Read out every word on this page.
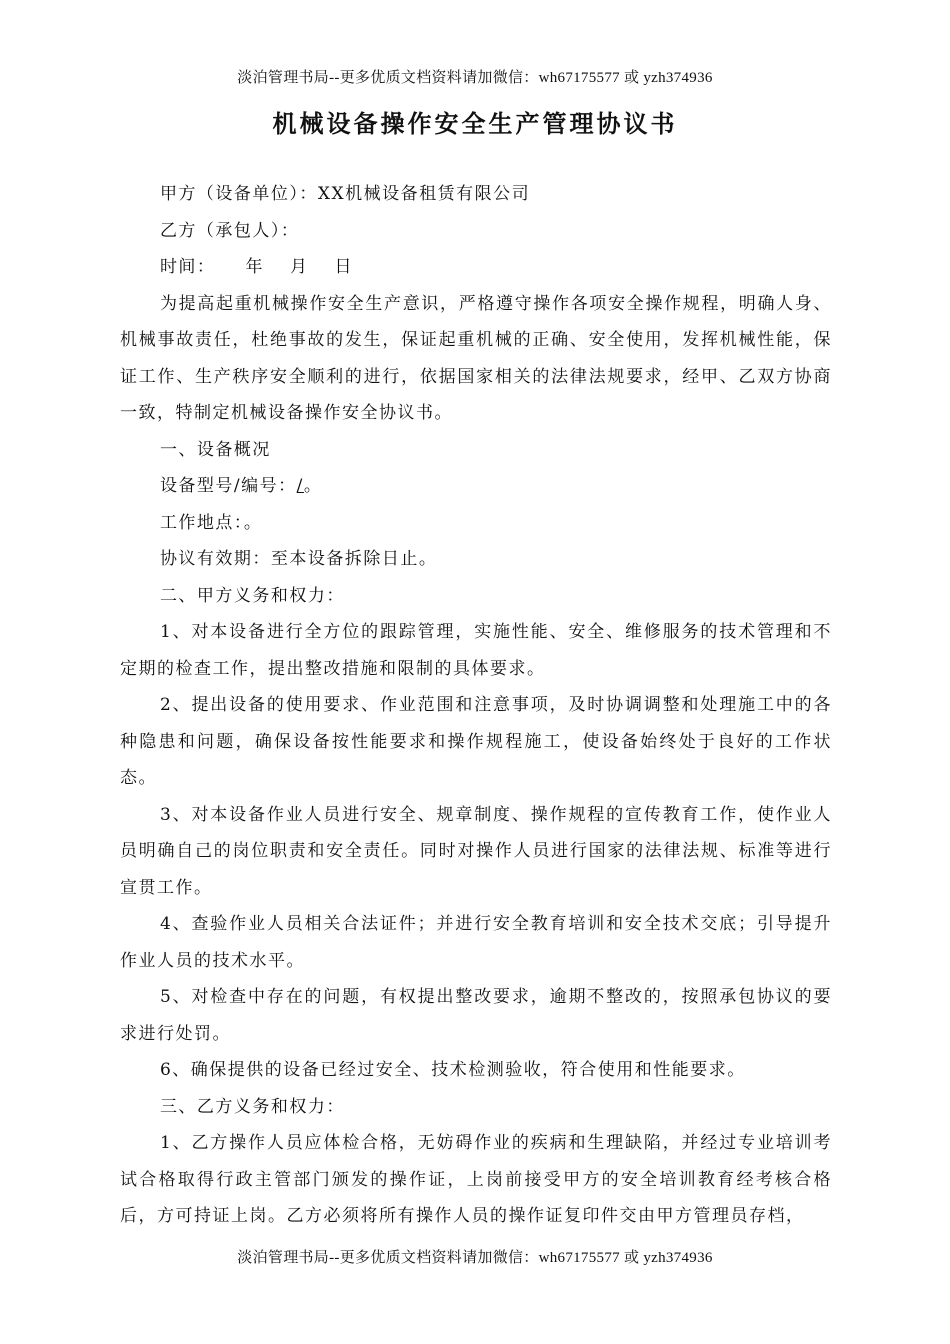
淡泊管理书局--更多优质文档资料请加微信：wh67175577 或 yzh374936
机械设备操作安全生产管理协议书

甲方（设备单位）：XX机械设备租赁有限公司

乙方（承包人）：

时间： 年 月 日

为提高起重机械操作安全生产意识，严格遵守操作各项安全操作规程，明确人身、机械事故责任，杜绝事故的发生，保证起重机械的正确、安全使用，发挥机械性能，保证工作、生产秩序安全顺利的进行，依据国家相关的法律法规要求，经甲、乙双方协商一致，特制定机械设备操作安全协议书。

一、设备概况

设备型号/编号：/。

工作地点：。

协议有效期：至本设备拆除日止。

二、甲方义务和权力：

1、对本设备进行全方位的跟踪管理，实施性能、安全、维修服务的技术管理和不定期的检查工作，提出整改措施和限制的具体要求。

2、提出设备的使用要求、作业范围和注意事项，及时协调调整和处理施工中的各种隐患和问题，确保设备按性能要求和操作规程施工，使设备始终处于良好的工作状态。

3、对本设备作业人员进行安全、规章制度、操作规程的宣传教育工作，使作业人员明确自己的岗位职责和安全责任。同时对操作人员进行国家的法律法规、标准等进行宣贯工作。

4、查验作业人员相关合法证件；并进行安全教育培训和安全技术交底；引导提升作业人员的技术水平。

5、对检查中存在的问题，有权提出整改要求，逾期不整改的，按照承包协议的要求进行处罚。

6、确保提供的设备已经过安全、技术检测验收，符合使用和性能要求。

三、乙方义务和权力：

1、乙方操作人员应体检合格，无妨碍作业的疾病和生理缺陷，并经过专业培训考试合格取得行政主管部门颁发的操作证，上岗前接受甲方的安全培训教育经考核合格后，方可持证上岗。乙方必须将所有操作人员的操作证复印件交由甲方管理员存档，

淡泊管理书局--更多优质文档资料请加微信：wh67175577 或 yzh374936
